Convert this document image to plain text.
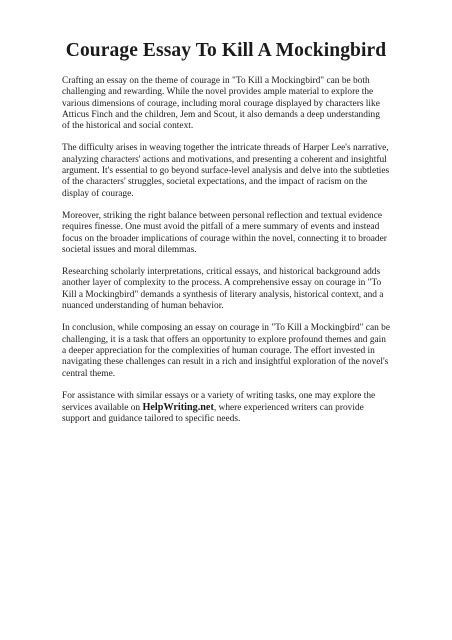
Courage Essay To Kill A Mockingbird

Crafting an essay on the theme of courage in "To Kill a Mockingbird" can be both challenging and rewarding. While the novel provides ample material to explore the various dimensions of courage, including moral courage displayed by characters like Atticus Finch and the children, Jem and Scout, it also demands a deep understanding of the historical and social context.

The difficulty arises in weaving together the intricate threads of Harper Lee's narrative, analyzing characters' actions and motivations, and presenting a coherent and insightful argument. It's essential to go beyond surface-level analysis and delve into the subtleties of the characters' struggles, societal expectations, and the impact of racism on the display of courage.

Moreover, striking the right balance between personal reflection and textual evidence requires finesse. One must avoid the pitfall of a mere summary of events and instead focus on the broader implications of courage within the novel, connecting it to broader societal issues and moral dilemmas.

Researching scholarly interpretations, critical essays, and historical background adds another layer of complexity to the process. A comprehensive essay on courage in "To Kill a Mockingbird" demands a synthesis of literary analysis, historical context, and a nuanced understanding of human behavior.

In conclusion, while composing an essay on courage in "To Kill a Mockingbird" can be challenging, it is a task that offers an opportunity to explore profound themes and gain a deeper appreciation for the complexities of human courage. The effort invested in navigating these challenges can result in a rich and insightful exploration of the novel's central theme.

For assistance with similar essays or a variety of writing tasks, one may explore the services available on HelpWriting.net, where experienced writers can provide support and guidance tailored to specific needs.
